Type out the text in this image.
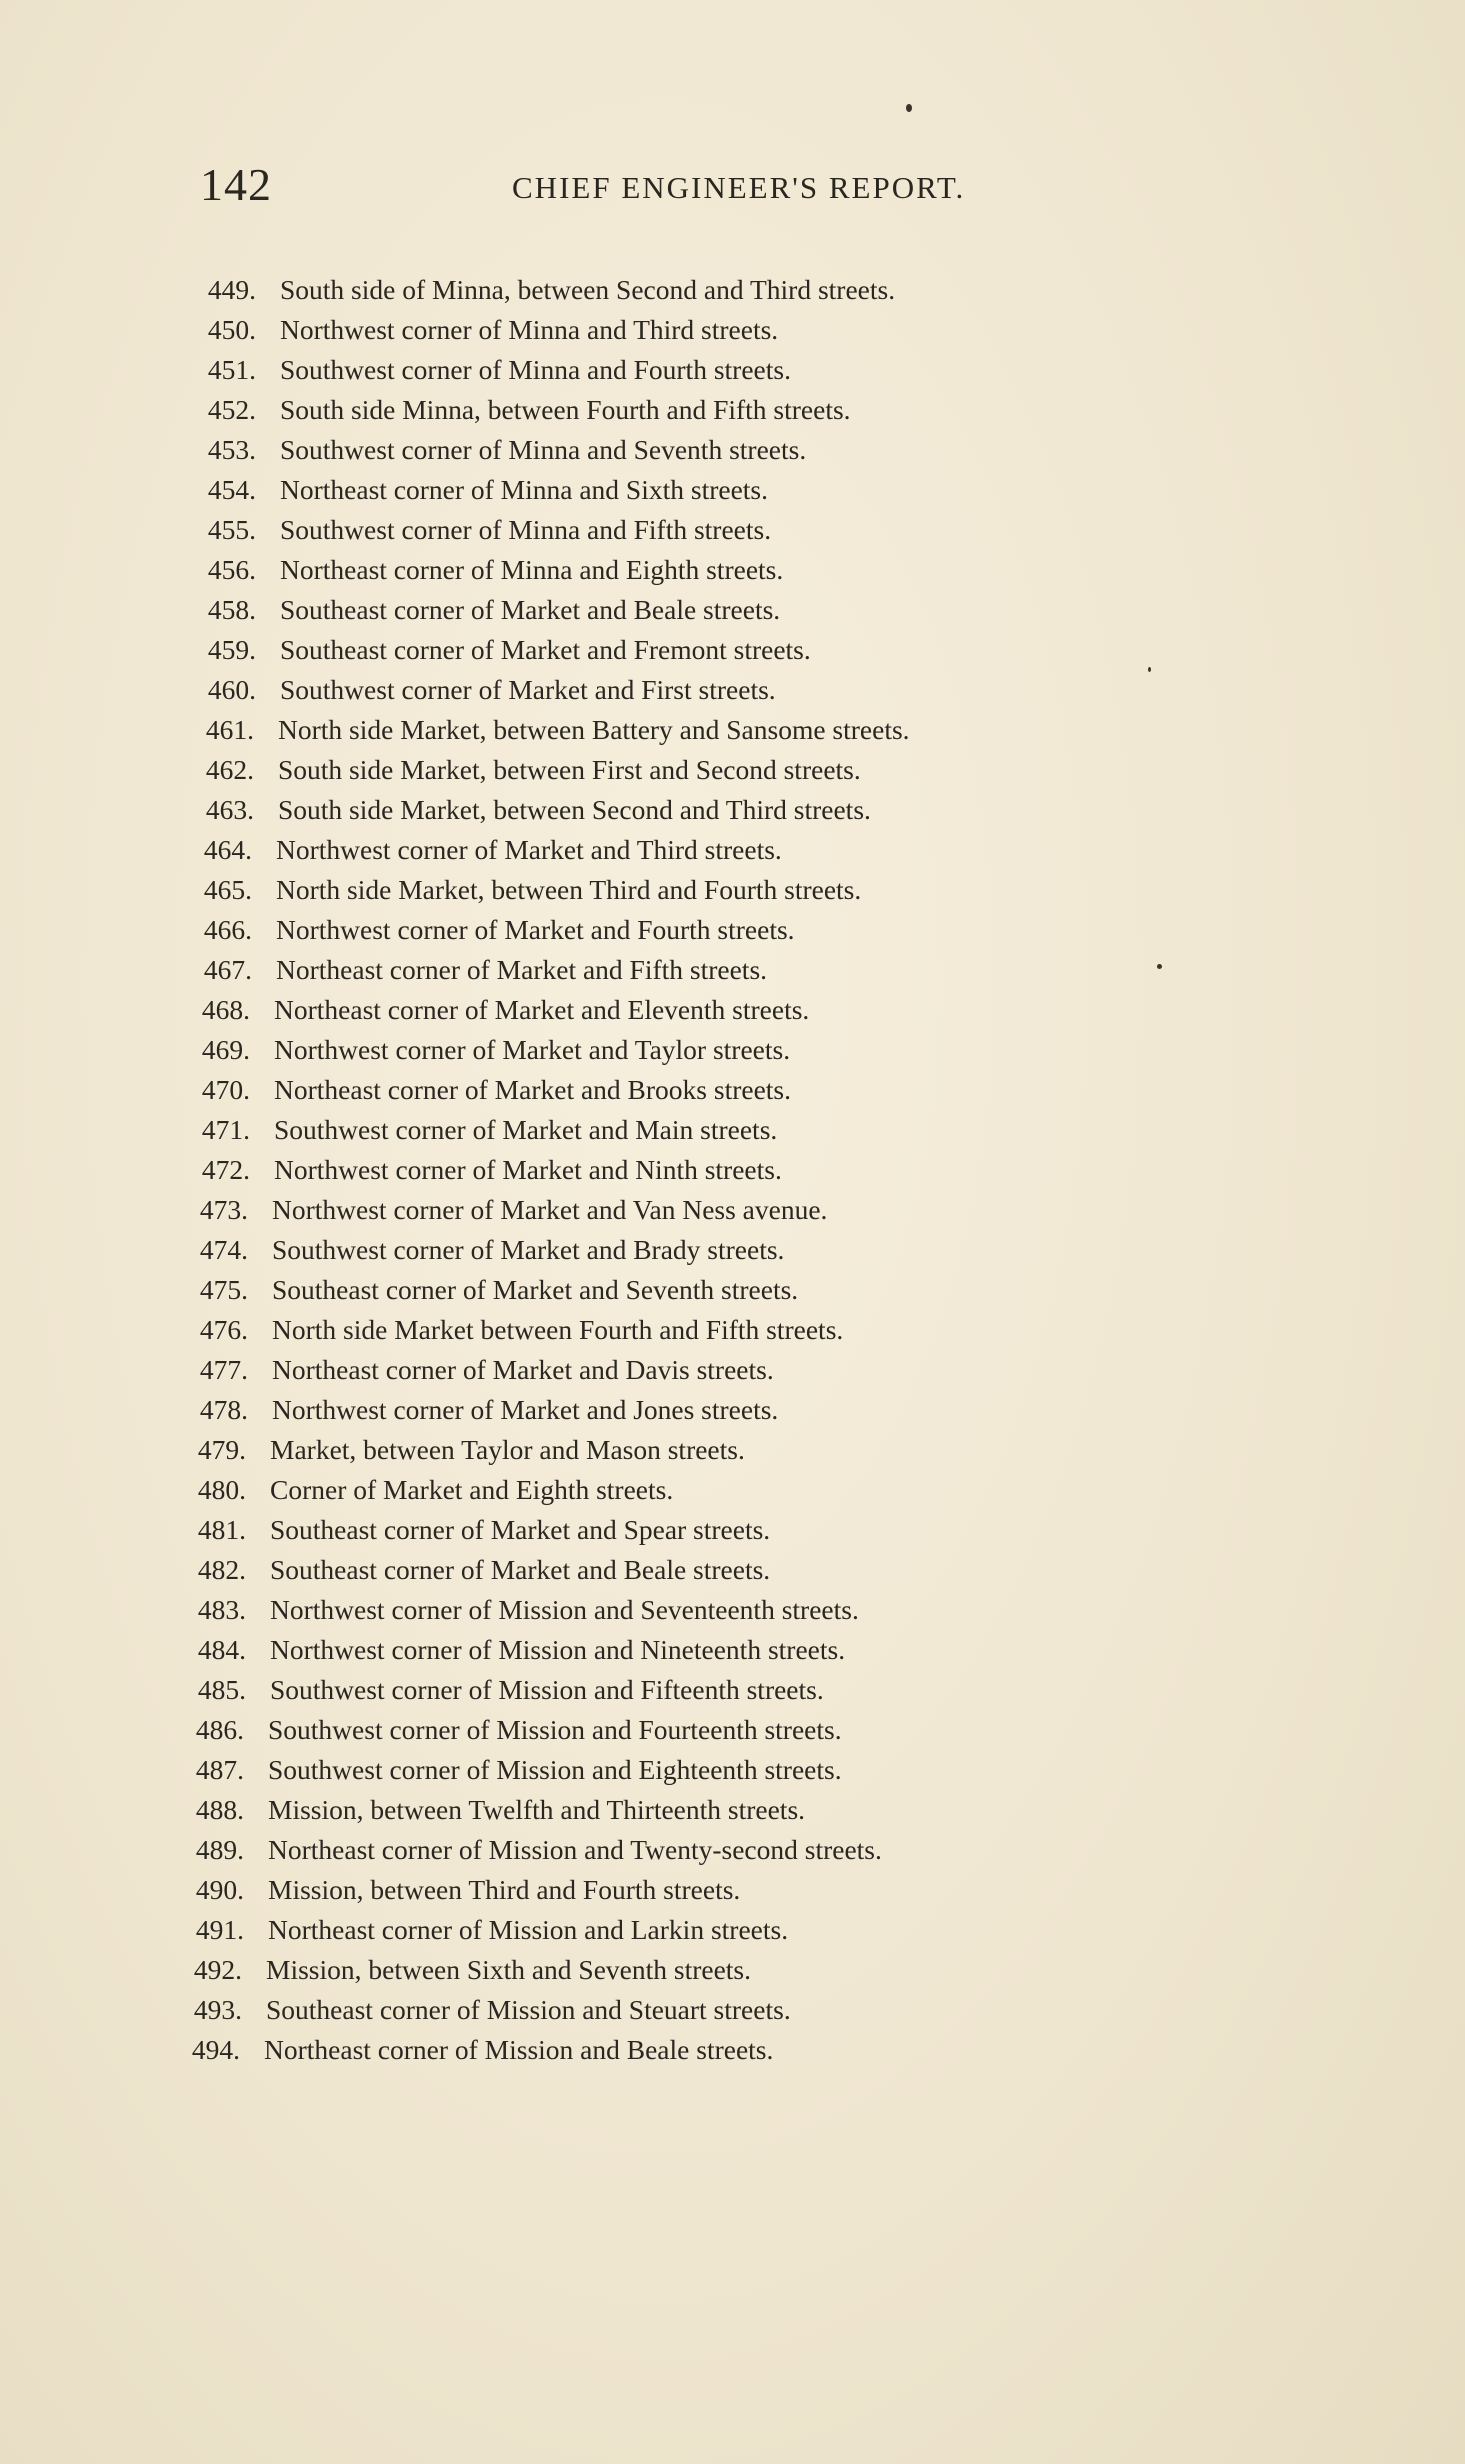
142	CHIEF ENGINEER'S REPORT.
449. South side of Minna, between Second and Third streets.
450. Northwest corner of Minna and Third streets.
451. Southwest corner of Minna and Fourth streets.
452. South side Minna, between Fourth and Fifth streets.
453. Southwest corner of Minna and Seventh streets.
454. Northeast corner of Minna and Sixth streets.
455. Southwest corner of Minna and Fifth streets.
456. Northeast corner of Minna and Eighth streets.
458. Southeast corner of Market and Beale streets.
459. Southeast corner of Market and Fremont streets.
460. Southwest corner of Market and First streets.
461. North side Market, between Battery and Sansome streets.
462. South side Market, between First and Second streets.
463. South side Market, between Second and Third streets.
464. Northwest corner of Market and Third streets.
465. North side Market, between Third and Fourth streets.
466. Northwest corner of Market and Fourth streets.
467. Northeast corner of Market and Fifth streets.
468. Northeast corner of Market and Eleventh streets.
469. Northwest corner of Market and Taylor streets.
470. Northeast corner of Market and Brooks streets.
471. Southwest corner of Market and Main streets.
472. Northwest corner of Market and Ninth streets.
473. Northwest corner of Market and Van Ness avenue.
474. Southwest corner of Market and Brady streets.
475. Southeast corner of Market and Seventh streets.
476. North side Market between Fourth and Fifth streets.
477. Northeast corner of Market and Davis streets.
478. Northwest corner of Market and Jones streets.
479. Market, between Taylor and Mason streets.
480. Corner of Market and Eighth streets.
481. Southeast corner of Market and Spear streets.
482. Southeast corner of Market and Beale streets.
483. Northwest corner of Mission and Seventeenth streets.
484. Northwest corner of Mission and Nineteenth streets.
485. Southwest corner of Mission and Fifteenth streets.
486. Southwest corner of Mission and Fourteenth streets.
487. Southwest corner of Mission and Eighteenth streets.
488. Mission, between Twelfth and Thirteenth streets.
489. Northeast corner of Mission and Twenty-second streets.
490. Mission, between Third and Fourth streets.
491. Northeast corner of Mission and Larkin streets.
492. Mission, between Sixth and Seventh streets.
493. Southeast corner of Mission and Steuart streets.
494. Northeast corner of Mission and Beale streets.
